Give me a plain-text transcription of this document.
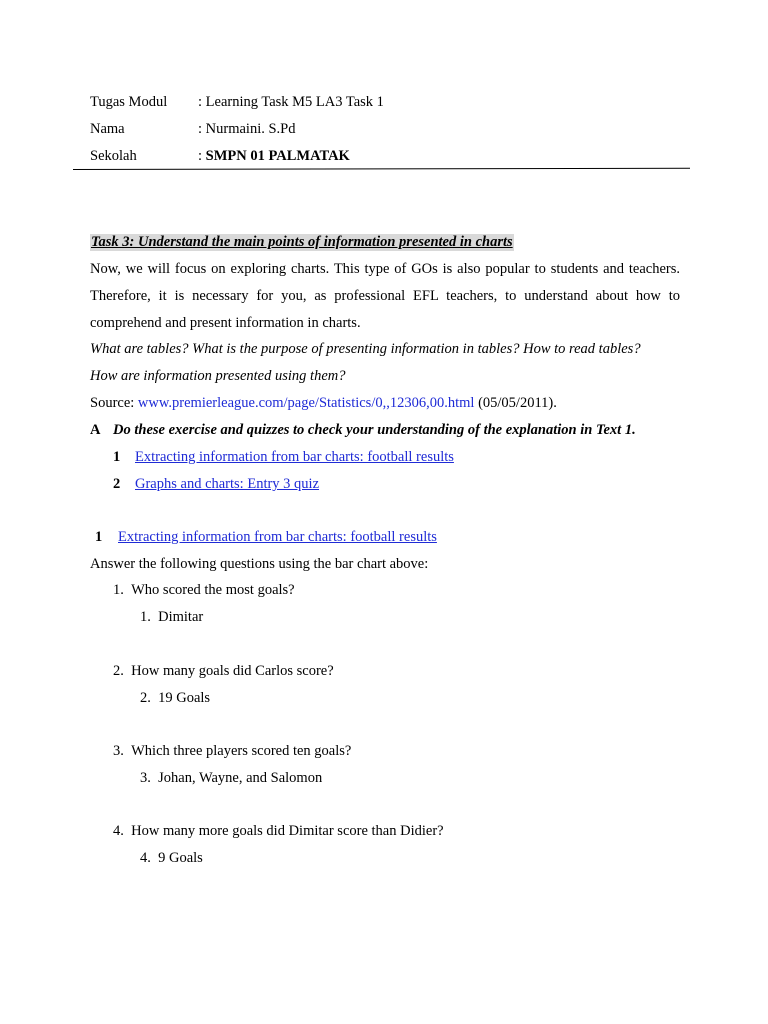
Tugas Modul : Learning Task M5 LA3 Task 1
Nama	: Nurmaini. S.Pd
Sekolah	: SMPN 01 PALMATAK
Task 3: Understand the main points of information presented in charts
Now, we will focus on exploring charts. This type of GOs is also popular to students and teachers. Therefore, it is necessary for you, as professional EFL teachers, to understand about how to comprehend and present information in charts.
What are tables? What is the purpose of presenting information in tables? How to read tables?
How are information presented using them?
Source: www.premierleague.com/page/Statistics/0,,12306,00.html (05/05/2011).
A Do these exercise and quizzes to check your understanding of the explanation in Text 1.
1 Extracting information from bar charts: football results
2 Graphs and charts: Entry 3 quiz
1 Extracting information from bar charts: football results
Answer the following questions using the bar chart above:
1.  Who scored the most goals?
1.  Dimitar
2.  How many goals did Carlos score?
2.  19 Goals
3.  Which three players scored ten goals?
3.  Johan, Wayne, and Salomon
4.  How many more goals did Dimitar score than Didier?
4.  9 Goals
